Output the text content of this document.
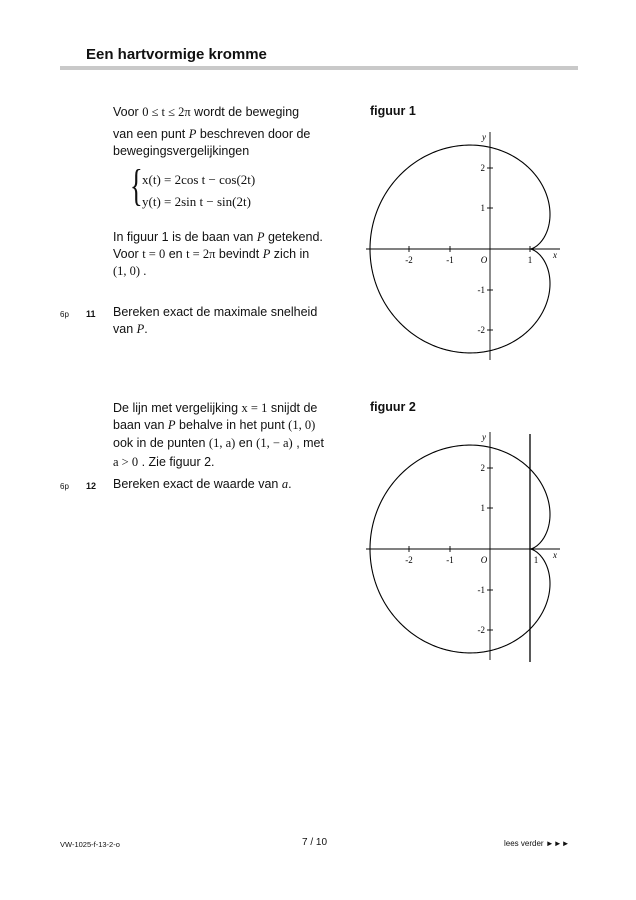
Een hartvormige kromme
Voor 0 ≤ t ≤ 2π wordt de beweging
van een punt P beschreven door de
bewegingsvergelijkingen
{ x(t) = 2cos t − cos(2t)
y(t) = 2sin t − sin(2t)
In figuur 1 is de baan van P getekend.
Voor t = 0 en t = 2π bevindt P zich in
(1, 0) .
6p 11 Bereken exact de maximale snelheid
van P.
De lijn met vergelijking x = 1 snijdt de
baan van P behalve in het punt (1, 0)
ook in de punten (1, a) en (1, − a) , met
a > 0 . Zie figuur 2.
6p 12 Bereken exact de waarde van a.
figuur 1
figuur 2
y
x
-2	-1	O	1
2
1
-1
-2
y
x
-2	-1	O	1
2
1
-1
-2
VW-1025-f-13-2-o	7 / 10	lees verder ►►►
